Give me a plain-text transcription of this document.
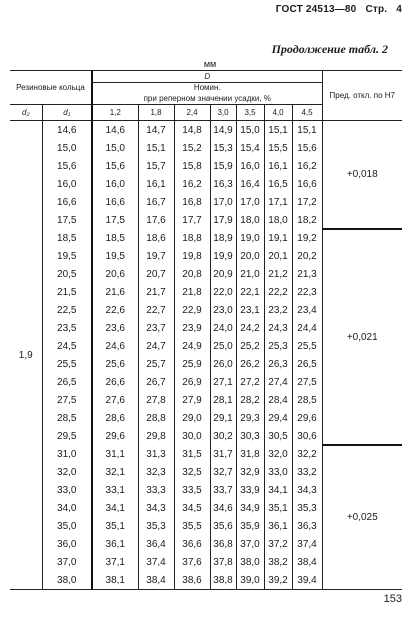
ГОСТ 24513—80 Стр. 4
Продолжение табл. 2
мм
Резиновые кольца		D							Пред. откл. по H7
		Номин.							
		при реперном значении усадки, %							
d₂	d₁	1,2	1,8	2,4	3,0	3,5	4,0	4,5	
1,9	14,6	14,6	14,7	14,8	14,9	15,0	15,1	15,1	+0,018
	15,0	15,0	15,1	15,2	15,3	15,4	15,5	15,6	
	15,6	15,6	15,7	15,8	15,9	16,0	16,1	16,2	
	16,0	16,0	16,1	16,2	16,3	16,4	16,5	16,6	
	16,6	16,6	16,7	16,8	17,0	17,0	17,1	17,2	
	17,5	17,5	17,6	17,7	17,9	18,0	18,0	18,2	
	18,5	18,5	18,6	18,8	18,9	19,0	19,1	19,2	+0,021
	19,5	19,5	19,7	19,8	19,9	20,0	20,1	20,2	
	20,5	20,6	20,7	20,8	20,9	21,0	21,2	21,3	
	21,5	21,6	21,7	21,8	22,0	22,1	22,2	22,3	
	22,5	22,6	22,7	22,9	23,0	23,1	23,2	23,4	
	23,5	23,6	23,7	23,9	24,0	24,2	24,3	24,4	
	24,5	24,6	24,7	24,9	25,0	25,2	25,3	25,5	
	25,5	25,6	25,7	25,9	26,0	26,2	26,3	26,5	
	26,5	26,6	26,7	26,9	27,1	27,2	27,4	27,5	
	27,5	27,6	27,8	27,9	28,1	28,2	28,4	28,5	
	28,5	28,6	28,8	29,0	29,1	29,3	29,4	29,6	
	29,5	29,6	29,8	30,0	30,2	30,3	30,5	30,6	
	31,0	31,1	31,3	31,5	31,7	31,8	32,0	32,2	+0,025
	32,0	32,1	32,3	32,5	32,7	32,9	33,0	33,2	
	33,0	33,1	33,3	33,5	33,7	33,9	34,1	34,3	
	34,0	34,1	34,3	34,5	34,6	34,9	35,1	35,3	
	35,0	35,1	35,3	35,5	35,6	35,9	36,1	36,3	
	36,0	36,1	36,4	36,6	36,8	37,0	37,2	37,4	
	37,0	37,1	37,4	37,6	37,8	38,0	38,2	38,4	
	38,0	38,1	38,4	38,6	38,8	39,0	39,2	39,4	
153
